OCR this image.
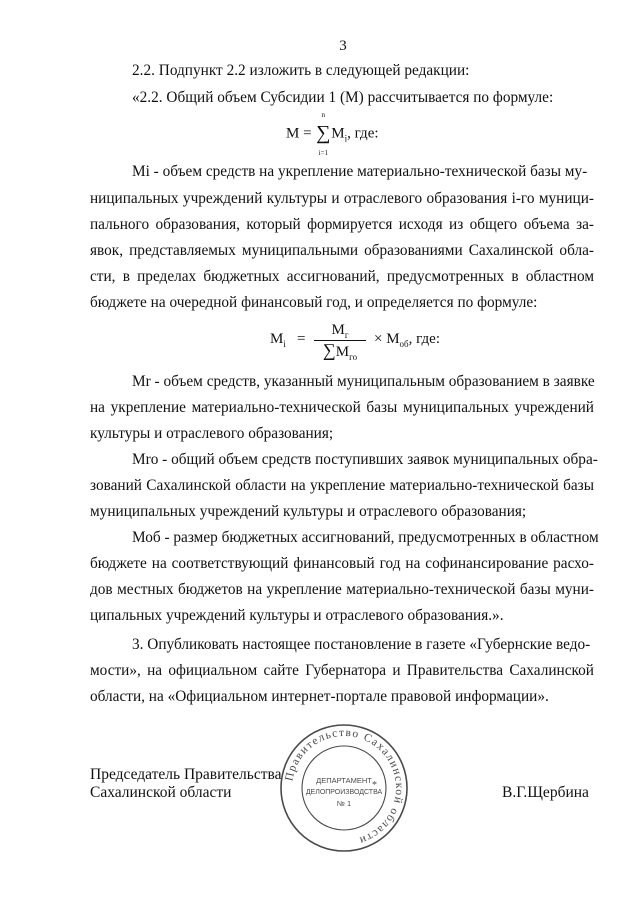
3
2.2. Подпункт 2.2 изложить в следующей редакции:
«2.2. Общий объем Субсидии 1 (М) рассчитывается по формуле:
М =
n
∑
i=1
$М_i$, где:
Mi - объем средств на укрепление материально-технической базы му-
ниципальных учреждений культуры и отраслевого образования i-го муници-
пального образования, который формируется исходя из общего объема за-
явок, представляемых муниципальными образованиями Сахалинской обла-
сти, в пределах бюджетных ассигнований, предусмотренных в областном
бюджете на очередной финансовый год, и определяется по формуле:
$М_i$ =
$М_г$
$\sum М_{го}$
× $М_{об}$, где:
Mr - объем средств, указанный муниципальным образованием в заявке
на укрепление материально-технической базы муниципальных учреждений
культуры и отраслевого образования;
Mro - общий объем средств поступивших заявок муниципальных обра-
зований Сахалинской области на укрепление материально-технической базы
муниципальных учреждений культуры и отраслевого образования;
Моб - размер бюджетных ассигнований, предусмотренных в областном
бюджете на соответствующий финансовый год на софинансирование расхо-
дов местных бюджетов на укрепление материально-технической базы муни-
ципальных учреждений культуры и отраслевого образования.».
3. Опубликовать настоящее постановление в газете «Губернские ведо-
мости», на официальном сайте Губернатора и Правительства Сахалинской
области, на «Официальном интернет-портале правовой информации».
Председатель Правительства
Сахалинской области	В.Г.Щербина
Правительство Сахалинской области
*
ДЕПАРТАМЕНТ
ДЕЛОПРОИЗВОДСТВА
№ 1
